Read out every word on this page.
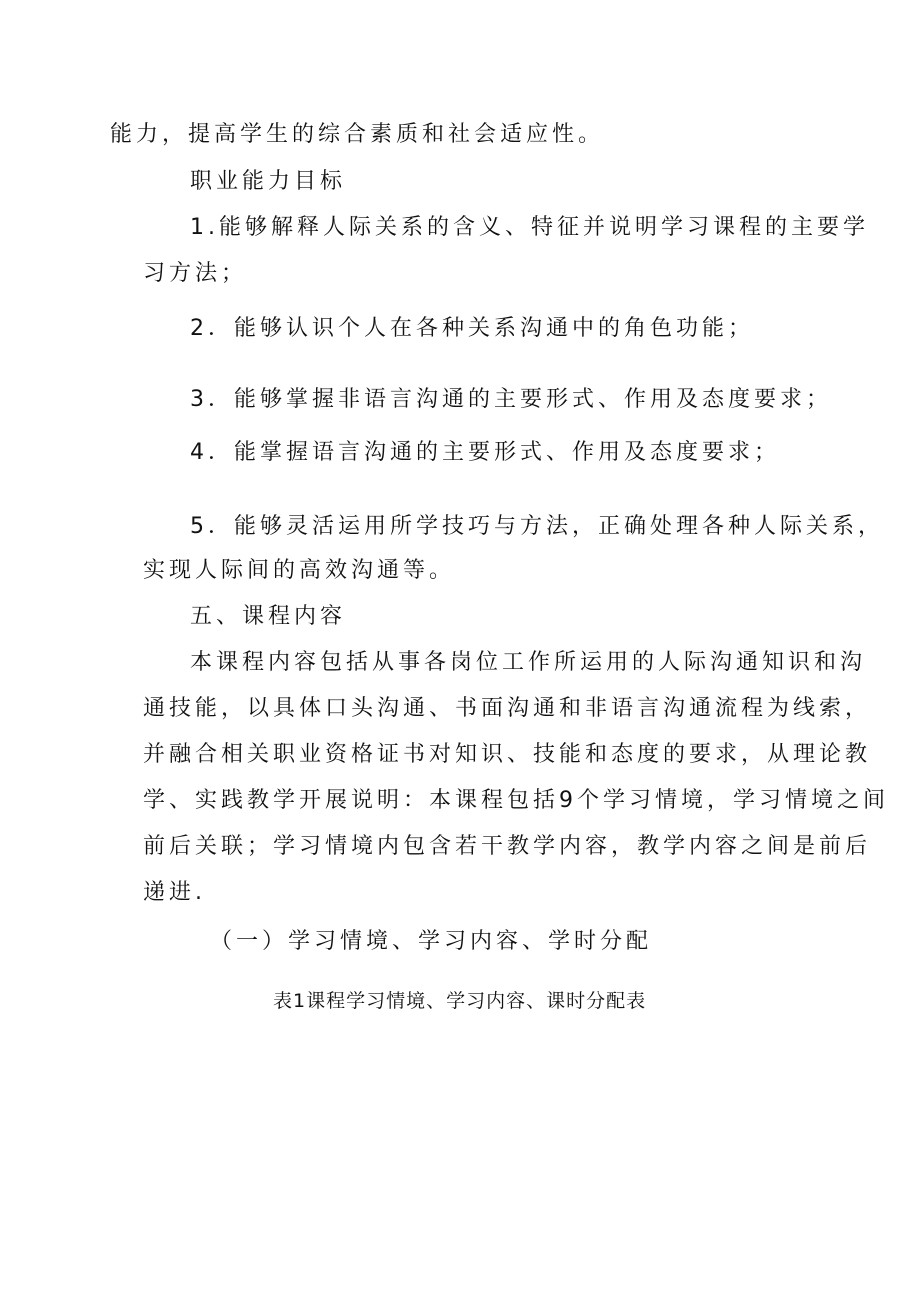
能力，提高学生的综合素质和社会适应性。
职业能力目标
1.能够解释人际关系的含义、特征并说明学习课程的主要学
习方法；
2．能够认识个人在各种关系沟通中的角色功能；
3．能够掌握非语言沟通的主要形式、作用及态度要求；
4．能掌握语言沟通的主要形式、作用及态度要求；
5．能够灵活运用所学技巧与方法，正确处理各种人际关系，
实现人际间的高效沟通等。
五、课程内容
本课程内容包括从事各岗位工作所运用的人际沟通知识和沟
通技能，以具体口头沟通、书面沟通和非语言沟通流程为线索，
并融合相关职业资格证书对知识、技能和态度的要求，从理论教
学、实践教学开展说明：本课程包括9个学习情境，学习情境之间
前后关联；学习情境内包含若干教学内容，教学内容之间是前后
递进.
（一）学习情境、学习内容、学时分配
表1课程学习情境、学习内容、课时分配表
